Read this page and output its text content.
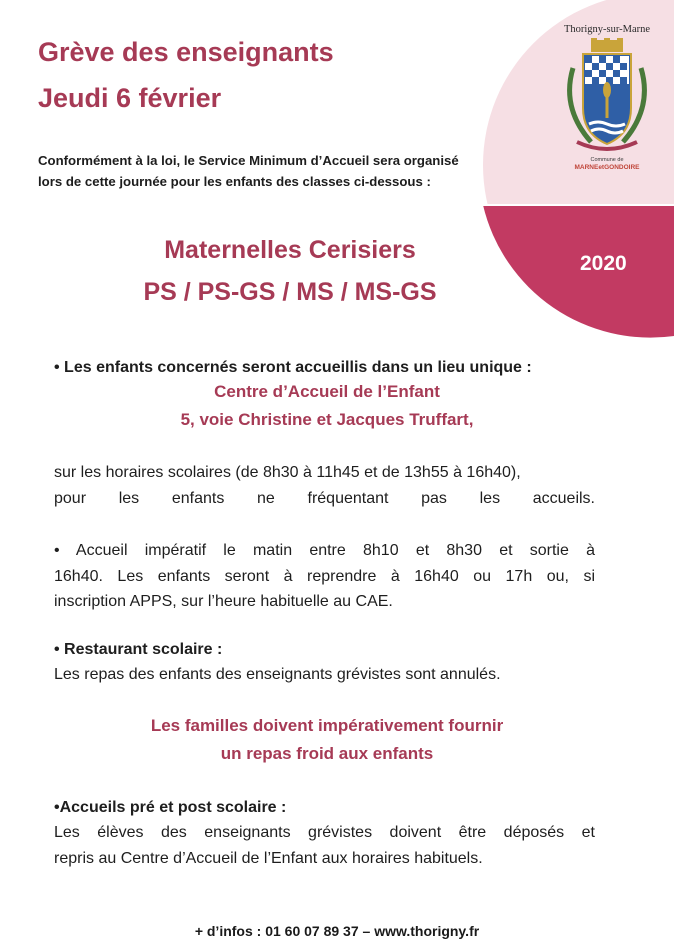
Grève des enseignants
Jeudi 6 février
Conformément à la loi, le Service Minimum d’Accueil sera organisé lors de cette journée pour les enfants des classes ci-dessous :
Thorigny-sur-Marne
Commune de
MARNEetGONDOIRE
2020
Maternelles Cerisiers
PS / PS-GS / MS / MS-GS
• Les enfants concernés seront accueillis dans un lieu unique :
Centre d’Accueil de l’Enfant
5, voie Christine et Jacques Truffart,
sur les horaires scolaires (de 8h30 à 11h45 et de 13h55 à 16h40),
pour les enfants ne fréquentant pas les accueils.
• Accueil impératif le matin entre 8h10 et 8h30 et sortie à
16h40. Les enfants seront à reprendre à 16h40 ou 17h ou, si
inscription APPS, sur l’heure habituelle au CAE.
• Restaurant scolaire :
Les repas des enfants des enseignants grévistes sont annulés.
Les familles doivent impérativement fournir
un repas froid aux enfants
•Accueils pré et post scolaire :
Les élèves des enseignants grévistes doivent être déposés et
repris au Centre d’Accueil de l’Enfant aux horaires habituels.
+ d’infos : 01 60 07 89 37 – www.thorigny.fr
